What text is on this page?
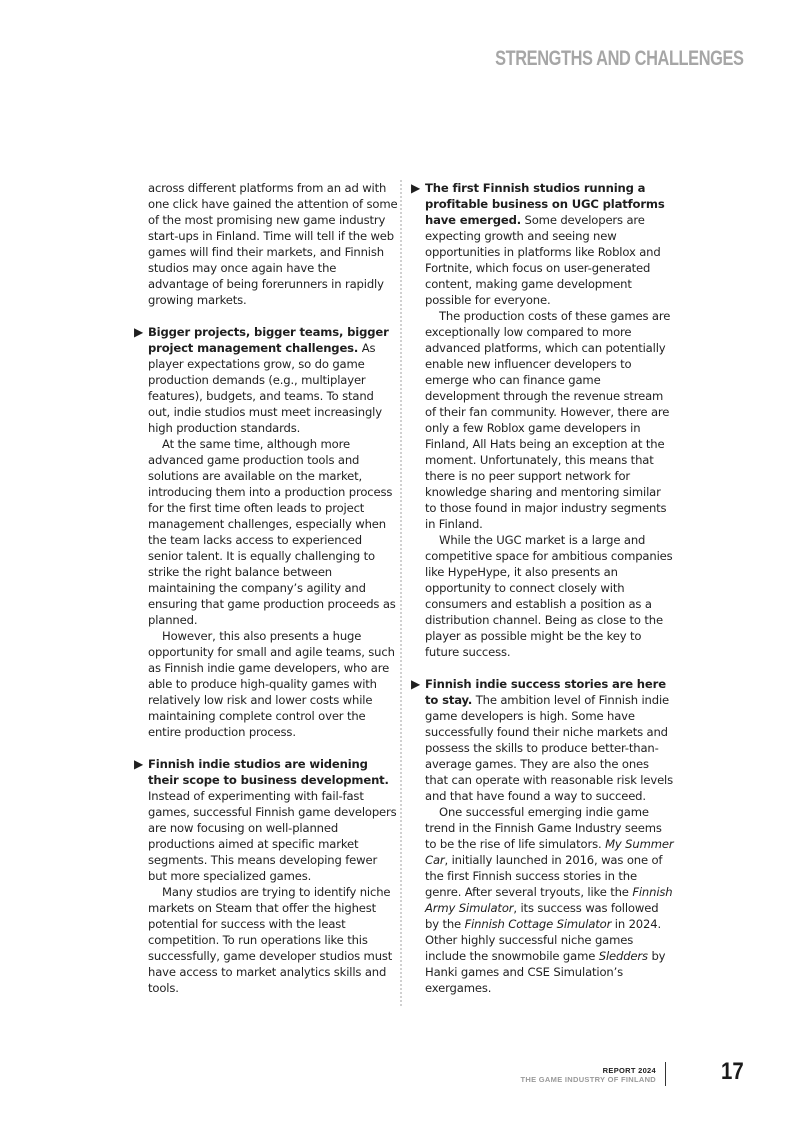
STRENGTHS AND CHALLENGES

across different platforms from an ad with one click have gained the attention of some of the most promising new game industry start-ups in Finland. Time will tell if the web games will find their markets, and Finnish studios may once again have the advantage of being forerunners in rapidly growing markets.

▶ Bigger projects, bigger teams, bigger project management challenges. As player expectations grow, so do game production demands (e.g., multiplayer features), budgets, and teams. To stand out, indie studios must meet increasingly high production standards.

At the same time, although more advanced game production tools and solutions are available on the market, introducing them into a production process for the first time often leads to project management challenges, especially when the team lacks access to experienced senior talent. It is equally challenging to strike the right balance between maintaining the company’s agility and ensuring that game production proceeds as planned.

However, this also presents a huge opportunity for small and agile teams, such as Finnish indie game developers, who are able to produce high-quality games with relatively low risk and lower costs while maintaining complete control over the entire production process.

▶ Finnish indie studios are widening their scope to business development. Instead of experimenting with fail-fast games, successful Finnish game developers are now focusing on well-planned productions aimed at specific market segments. This means developing fewer but more specialized games.

Many studios are trying to identify niche markets on Steam that offer the highest potential for success with the least competition. To run operations like this successfully, game developer studios must have access to market analytics skills and tools.

▶ The first Finnish studios running a profitable business on UGC platforms have emerged. Some developers are expecting growth and seeing new opportunities in platforms like Roblox and Fortnite, which focus on user-generated content, making game development possible for everyone.

The production costs of these games are exceptionally low compared to more advanced platforms, which can potentially enable new influencer developers to emerge who can finance game development through the revenue stream of their fan community. However, there are only a few Roblox game developers in Finland, All Hats being an exception at the moment. Unfortunately, this means that there is no peer support network for knowledge sharing and mentoring similar to those found in major industry segments in Finland.

While the UGC market is a large and competitive space for ambitious companies like HypeHype, it also presents an opportunity to connect closely with consumers and establish a position as a distribution channel. Being as close to the player as possible might be the key to future success.

▶ Finnish indie success stories are here to stay. The ambition level of Finnish indie game developers is high. Some have successfully found their niche markets and possess the skills to produce better-than-average games. They are also the ones that can operate with reasonable risk levels and that have found a way to succeed.

One successful emerging indie game trend in the Finnish Game Industry seems to be the rise of life simulators. My Summer Car, initially launched in 2016, was one of the first Finnish success stories in the genre. After several tryouts, like the Finnish Army Simulator, its success was followed by the Finnish Cottage Simulator in 2024. Other highly successful niche games include the snowmobile game Sledders by Hanki games and CSE Simulation’s exergames.

REPORT 2024
THE GAME INDUSTRY OF FINLAND	17
